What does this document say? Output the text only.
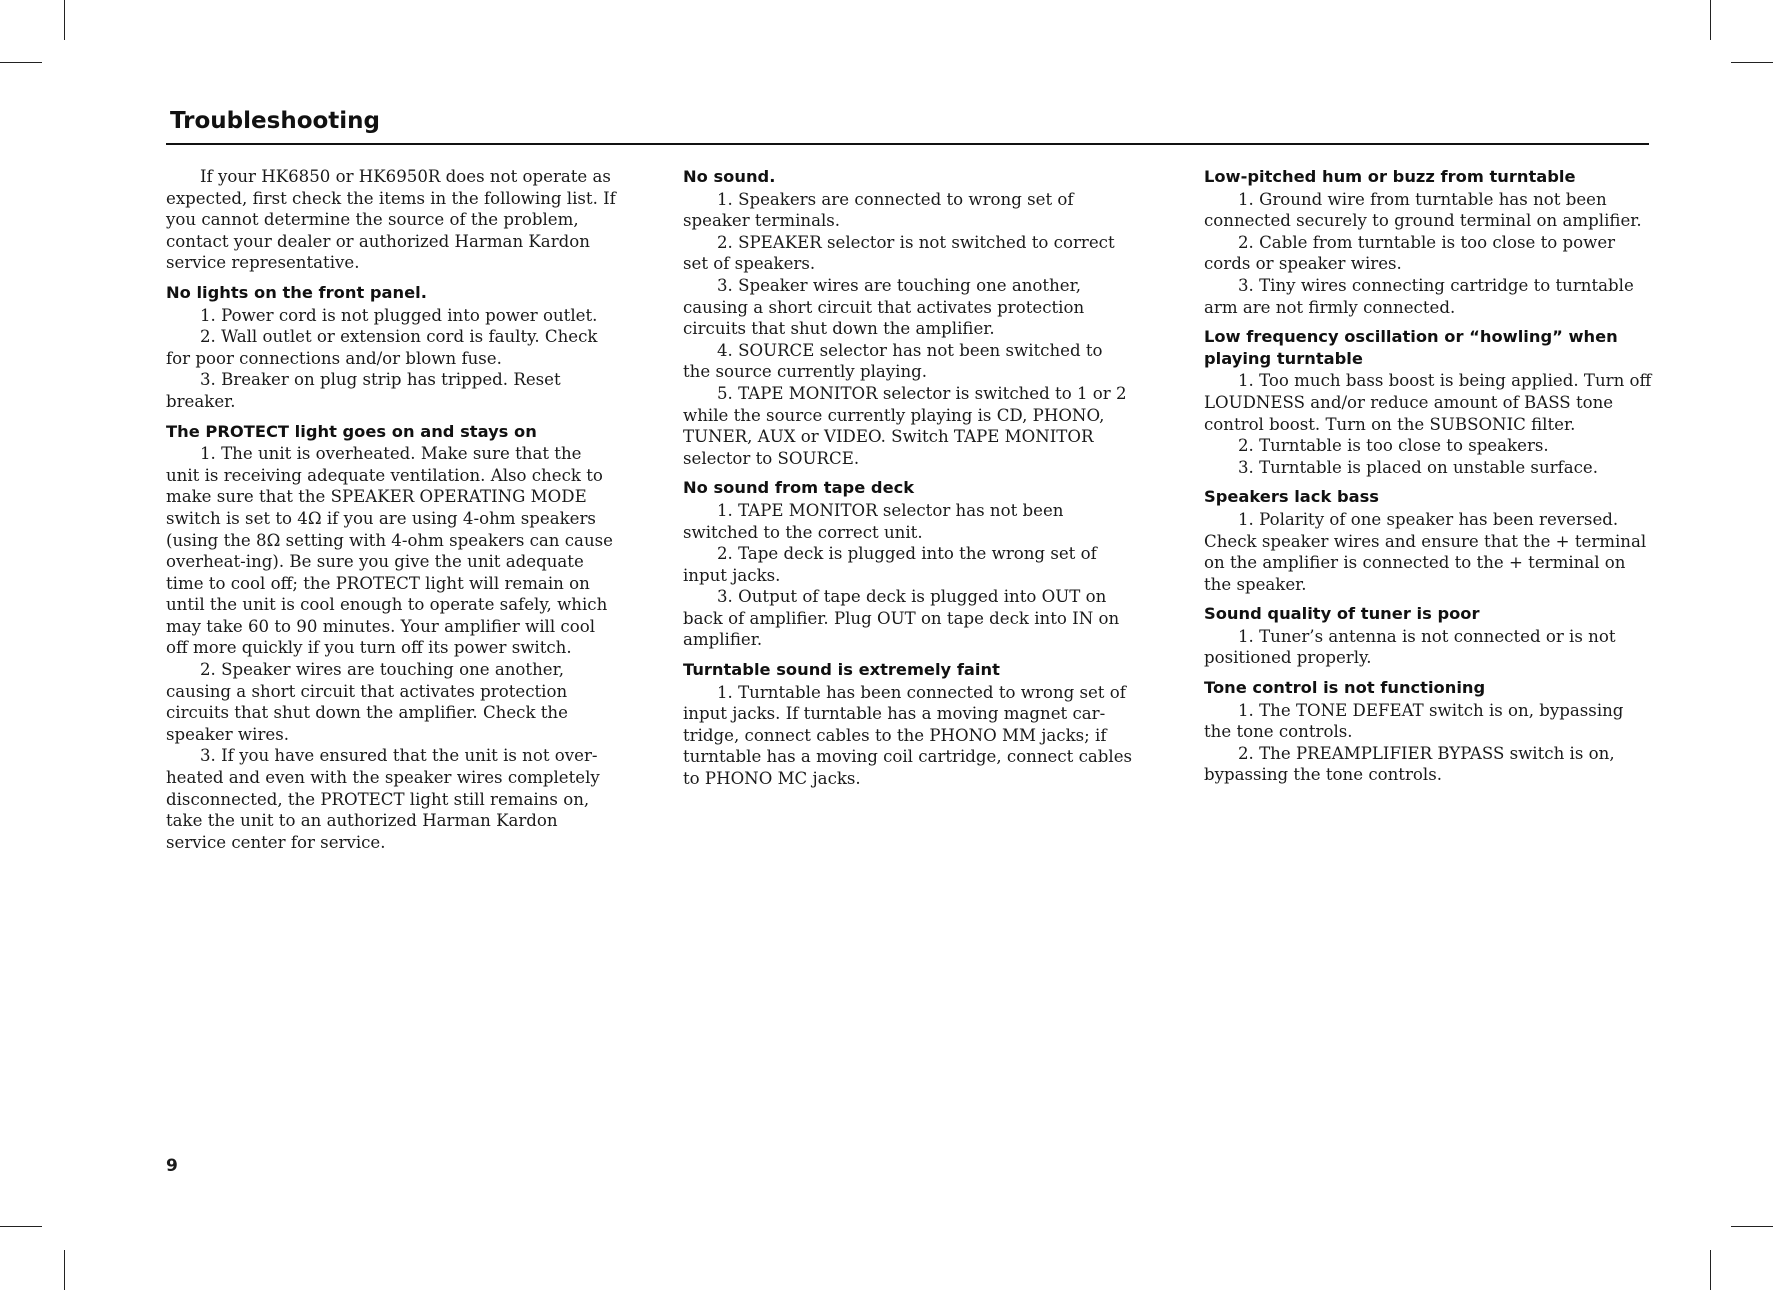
Troubleshooting

If your HK6850 or HK6950R does not operate as expected, first check the items in the following list. If you cannot determine the source of the problem, contact your dealer or authorized Harman Kardon service representative.

No lights on the front panel.

1. Power cord is not plugged into power outlet.

2. Wall outlet or extension cord is faulty. Check for poor connections and/or blown fuse.

3. Breaker on plug strip has tripped. Reset breaker.

The PROTECT light goes on and stays on

1. The unit is overheated. Make sure that the unit is receiving adequate ventilation. Also check to make sure that the SPEAKER OPERATING MODE switch is set to 4Ω if you are using 4-ohm speakers (using the 8Ω setting with 4-ohm speakers can cause overheat-ing). Be sure you give the unit adequate time to cool off; the PROTECT light will remain on until the unit is cool enough to operate safely, which may take 60 to 90 minutes. Your amplifier will cool off more quickly if you turn off its power switch.

2. Speaker wires are touching one another, causing a short circuit that activates protection circuits that shut down the amplifier. Check the speaker wires.

3. If you have ensured that the unit is not over-heated and even with the speaker wires completely disconnected, the PROTECT light still remains on, take the unit to an authorized Harman Kardon service center for service.

No sound.

1. Speakers are connected to wrong set of speaker terminals.

2. SPEAKER selector is not switched to correct set of speakers.

3. Speaker wires are touching one another, causing a short circuit that activates protection circuits that shut down the amplifier.

4. SOURCE selector has not been switched to the source currently playing.

5. TAPE MONITOR selector is switched to 1 or 2 while the source currently playing is CD, PHONO, TUNER, AUX or VIDEO. Switch TAPE MONITOR selector to SOURCE.

No sound from tape deck

1. TAPE MONITOR selector has not been switched to the correct unit.

2. Tape deck is plugged into the wrong set of input jacks.

3. Output of tape deck is plugged into OUT on back of amplifier. Plug OUT on tape deck into IN on amplifier.

Turntable sound is extremely faint

1. Turntable has been connected to wrong set of input jacks. If turntable has a moving magnet car-tridge, connect cables to the PHONO MM jacks; if turntable has a moving coil cartridge, connect cables to PHONO MC jacks.

Low-pitched hum or buzz from turntable

1. Ground wire from turntable has not been connected securely to ground terminal on amplifier.

2. Cable from turntable is too close to power cords or speaker wires.

3. Tiny wires connecting cartridge to turntable arm are not firmly connected.

Low frequency oscillation or “howling” when playing turntable

1. Too much bass boost is being applied. Turn off LOUDNESS and/or reduce amount of BASS tone control boost. Turn on the SUBSONIC filter.

2. Turntable is too close to speakers.

3. Turntable is placed on unstable surface.

Speakers lack bass

1. Polarity of one speaker has been reversed. Check speaker wires and ensure that the + terminal on the amplifier is connected to the + terminal on the speaker.

Sound quality of tuner is poor

1. Tuner’s antenna is not connected or is not positioned properly.

Tone control is not functioning

1. The TONE DEFEAT switch is on, bypassing the tone controls.

2. The PREAMPLIFIER BYPASS switch is on, bypassing the tone controls.

9
